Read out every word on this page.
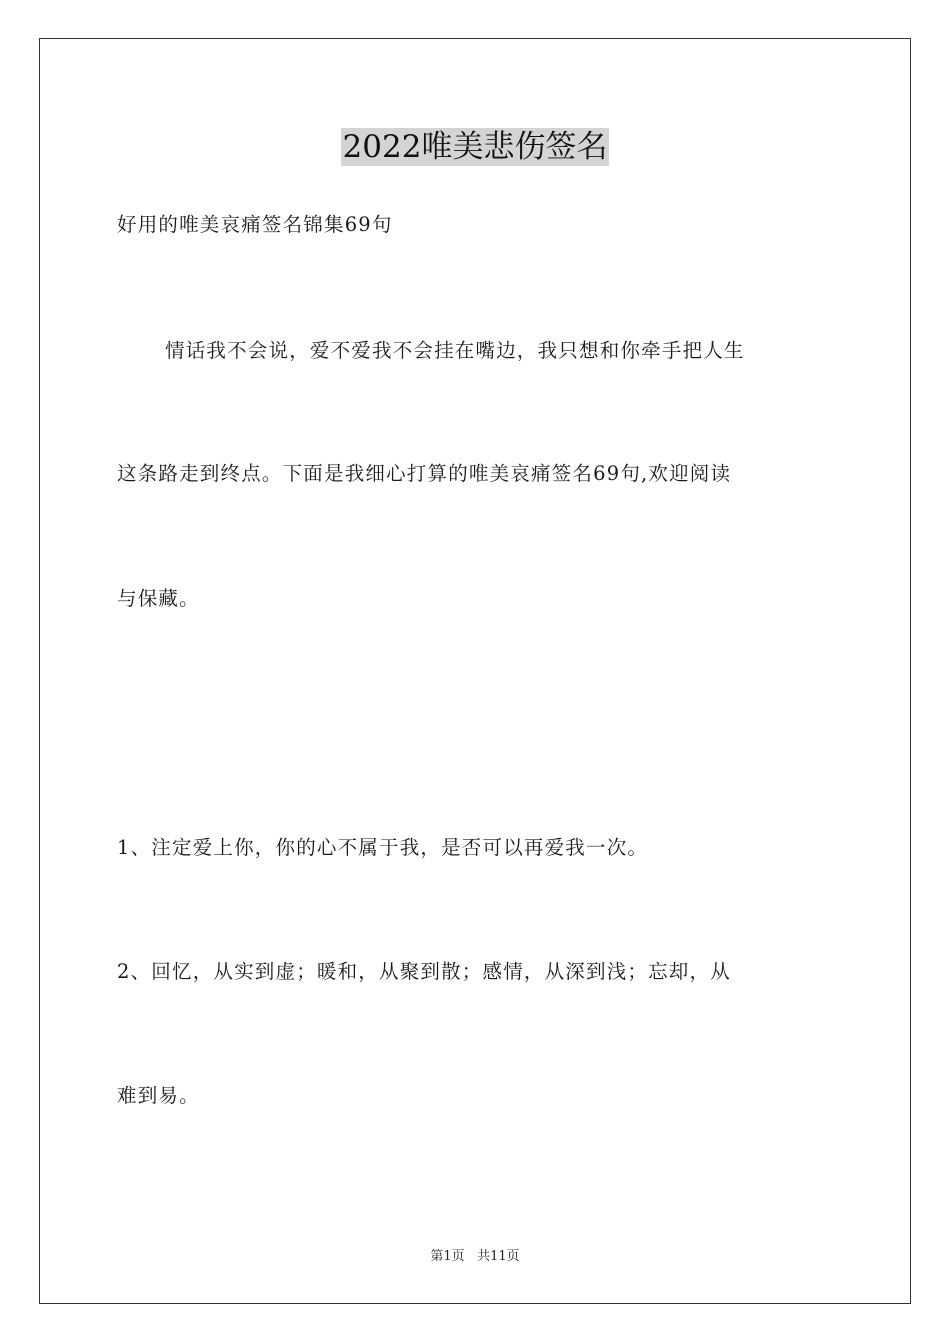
2022唯美悲伤签名
好用的唯美哀痛签名锦集69句
情话我不会说，爱不爱我不会挂在嘴边，我只想和你牵手把人生
这条路走到终点。下面是我细心打算的唯美哀痛签名69句,欢迎阅读
与保藏。
1、注定爱上你，你的心不属于我，是否可以再爱我一次。
2、回忆，从实到虚；暖和，从聚到散；感情，从深到浅；忘却，从
难到易。
第1页 共11页
